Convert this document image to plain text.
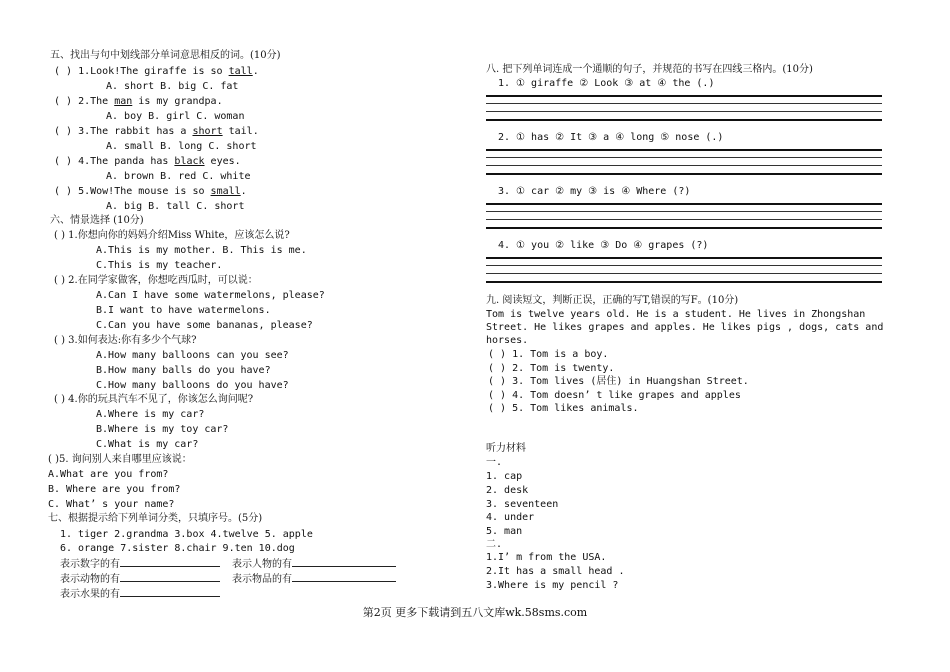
五、找出与句中划线部分单词意思相反的词。(10分)
( ) 1.Look!The giraffe is so tall.
A. short B. big C. fat
( ) 2.The man is my grandpa.
A. boy B. girl C. woman
( ) 3.The rabbit has a short tail.
A. small B. long C. short
( ) 4.The panda has black eyes.
A. brown B. red C. white
( ) 5.Wow!The mouse is so small.
A. big B. tall C. short
六、情景选择 (10分)
( ) 1.你想向你的妈妈介绍Miss White，应该怎么说?
A.This is my mother. B. This is me.
C.This is my teacher.
( ) 2.在同学家做客，你想吃西瓜时，可以说：
A.Can I have some watermelons, please?
B.I want to have watermelons.
C.Can you have some bananas, please?
( ) 3.如何表达:你有多少个气球?
A.How many balloons can you see?
B.How many balls do you have?
C.How many balloons do you have?
( ) 4.你的玩具汽车不见了，你该怎么询问呢?
A.Where is my car?
B.Where is my toy car?
C.What is my car?
( )5. 询问别人来自哪里应该说：
A.What are you from?
B. Where are you from?
C. What’ s your name?
七、根据提示给下列单词分类，只填序号。(5分)
1. tiger 2.grandma 3.box 4.twelve 5. apple
6. orange 7.sister 8.chair 9.ten 10.dog
表示数字的有	表示人物的有
表示动物的有	表示物品的有
表示水果的有
八. 把下列单词连成一个通顺的句子，并规范的书写在四线三格内。(10分)
1. ① giraffe ② Look ③ at ④ the (.)
2. ① has ② It ③ a ④ long ⑤ nose (.)
3. ① car ② my ③ is ④ Where (?)
4. ① you ② like ③ Do ④ grapes (?)
九. 阅读短文，判断正误，正确的写T,错误的写F。(10分)
Tom is twelve years old. He is a student. He lives in Zhongshan
Street. He likes grapes and apples. He likes pigs , dogs, cats and
horses.
( ) 1. Tom is a boy.
( ) 2. Tom is twenty.
( ) 3. Tom lives (居住) in Huangshan Street.
( ) 4. Tom doesn’ t like grapes and apples
( ) 5. Tom likes animals.
听力材料
一.
1. cap
2. desk
3. seventeen
4. under
5. man
二.
1.I’ m from the USA.
2.It has a small head .
3.Where is my pencil ?
第2页 更多下载请到五八文库wk.58sms.com
